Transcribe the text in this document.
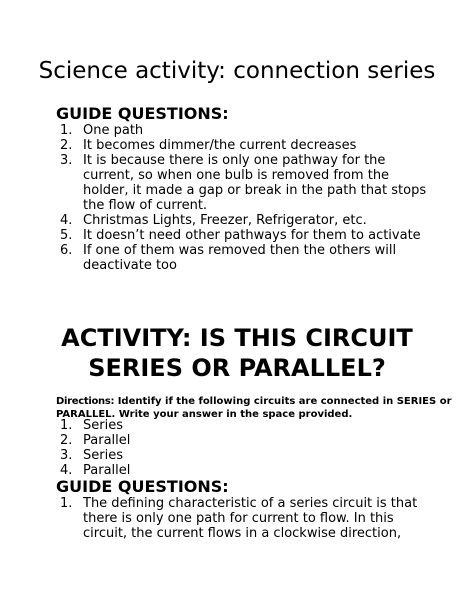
Science activity: connection series
GUIDE QUESTIONS:
1. One path
2. It becomes dimmer/the current decreases
3. It is because there is only one pathway for the
current, so when one bulb is removed from the
holder, it made a gap or break in the path that stops
the flow of current.
4. Christmas Lights, Freezer, Refrigerator, etc.
5. It doesn’t need other pathways for them to activate
6. If one of them was removed then the others will
deactivate too
ACTIVITY: IS THIS CIRCUIT
SERIES OR PARALLEL?
Directions: Identify if the following circuits are connected in SERIES or
PARALLEL. Write your answer in the space provided.
1. Series
2. Parallel
3. Series
4. Parallel
GUIDE QUESTIONS:
1. The defining characteristic of a series circuit is that
there is only one path for current to flow. In this
circuit, the current flows in a clockwise direction,
